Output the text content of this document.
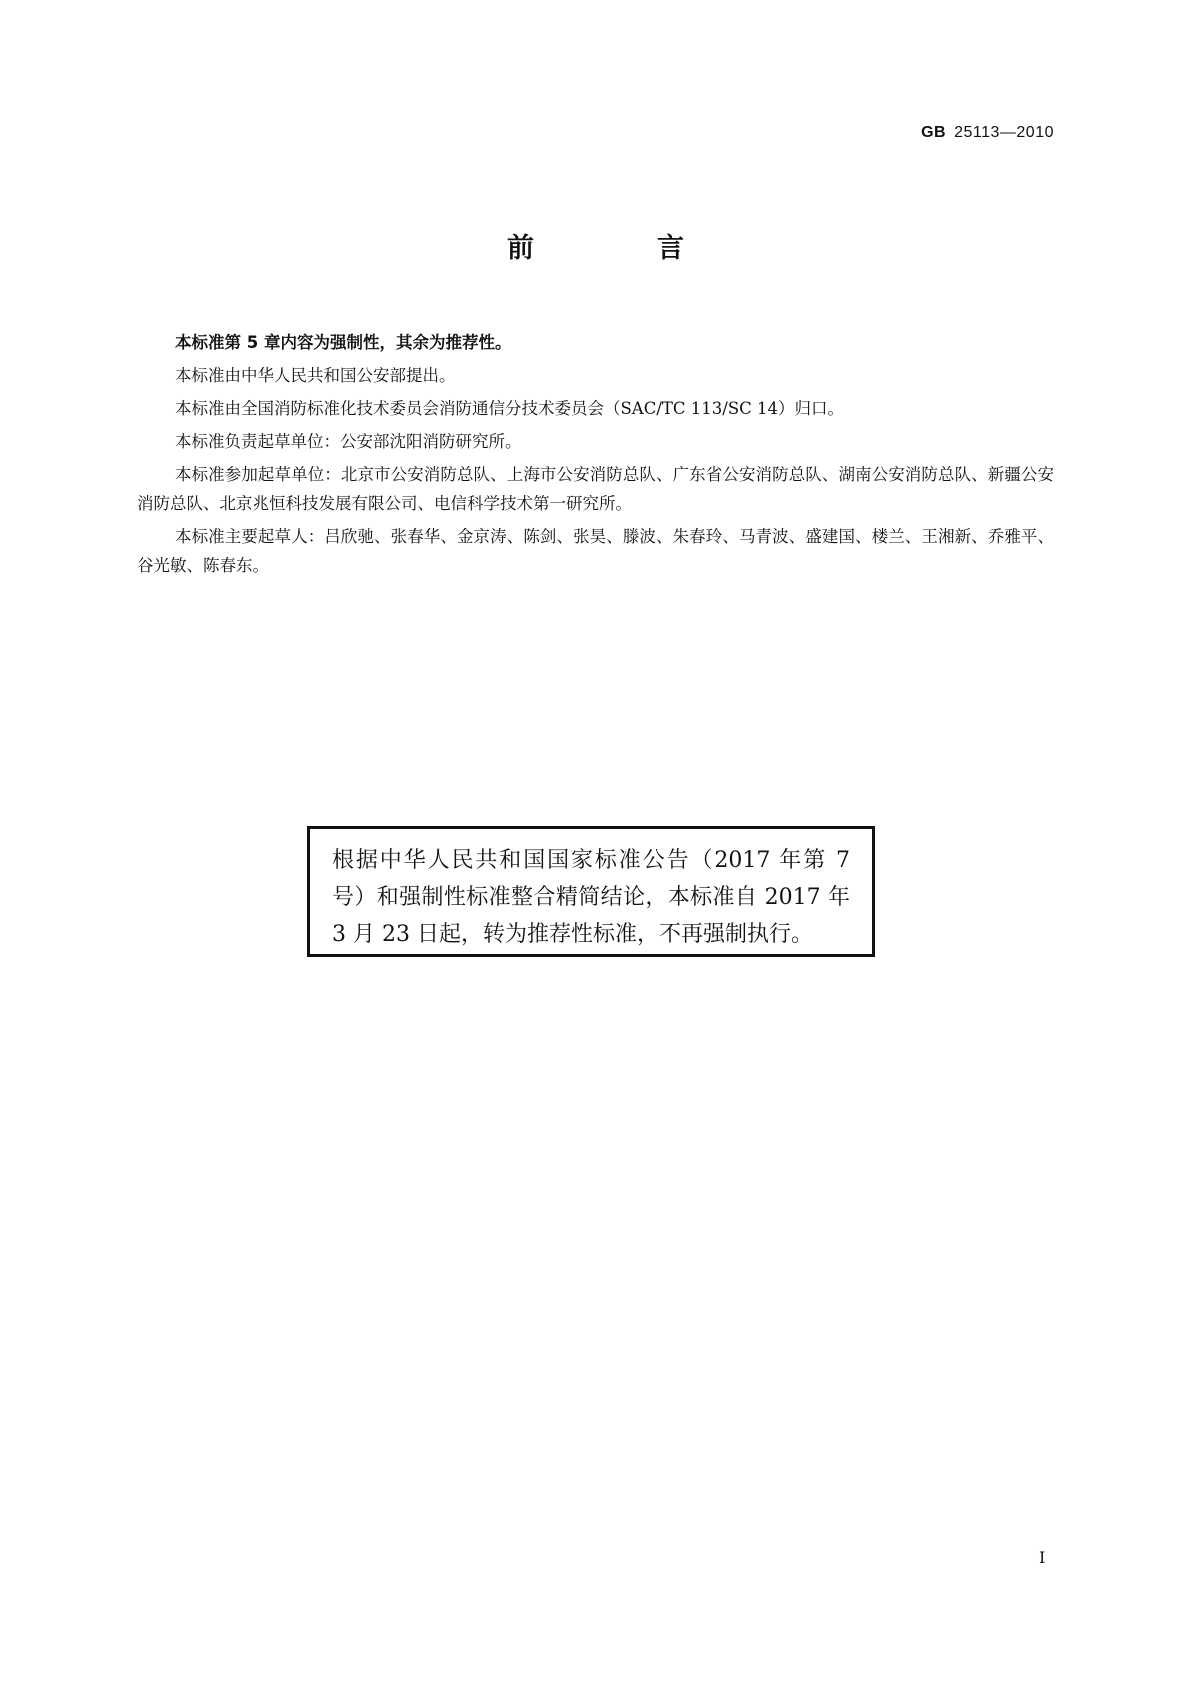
GB 25113—2010
前　言

本标准第 5 章内容为强制性，其余为推荐性。

本标准由中华人民共和国公安部提出。

本标准由全国消防标准化技术委员会消防通信分技术委员会（SAC/TC 113/SC 14）归口。

本标准负责起草单位：公安部沈阳消防研究所。

本标准参加起草单位：北京市公安消防总队、上海市公安消防总队、广东省公安消防总队、湖南公安消防总队、新疆公安消防总队、北京兆恒科技发展有限公司、电信科学技术第一研究所。

本标准主要起草人：吕欣驰、张春华、金京涛、陈剑、张昊、滕波、朱春玲、马青波、盛建国、楼兰、王湘新、乔雅平、谷光敏、陈春东。

根据中华人民共和国国家标准公告（2017 年第 7 号）和强制性标准整合精简结论，本标准自 2017 年 3 月 23 日起，转为推荐性标准，不再强制执行。
I
